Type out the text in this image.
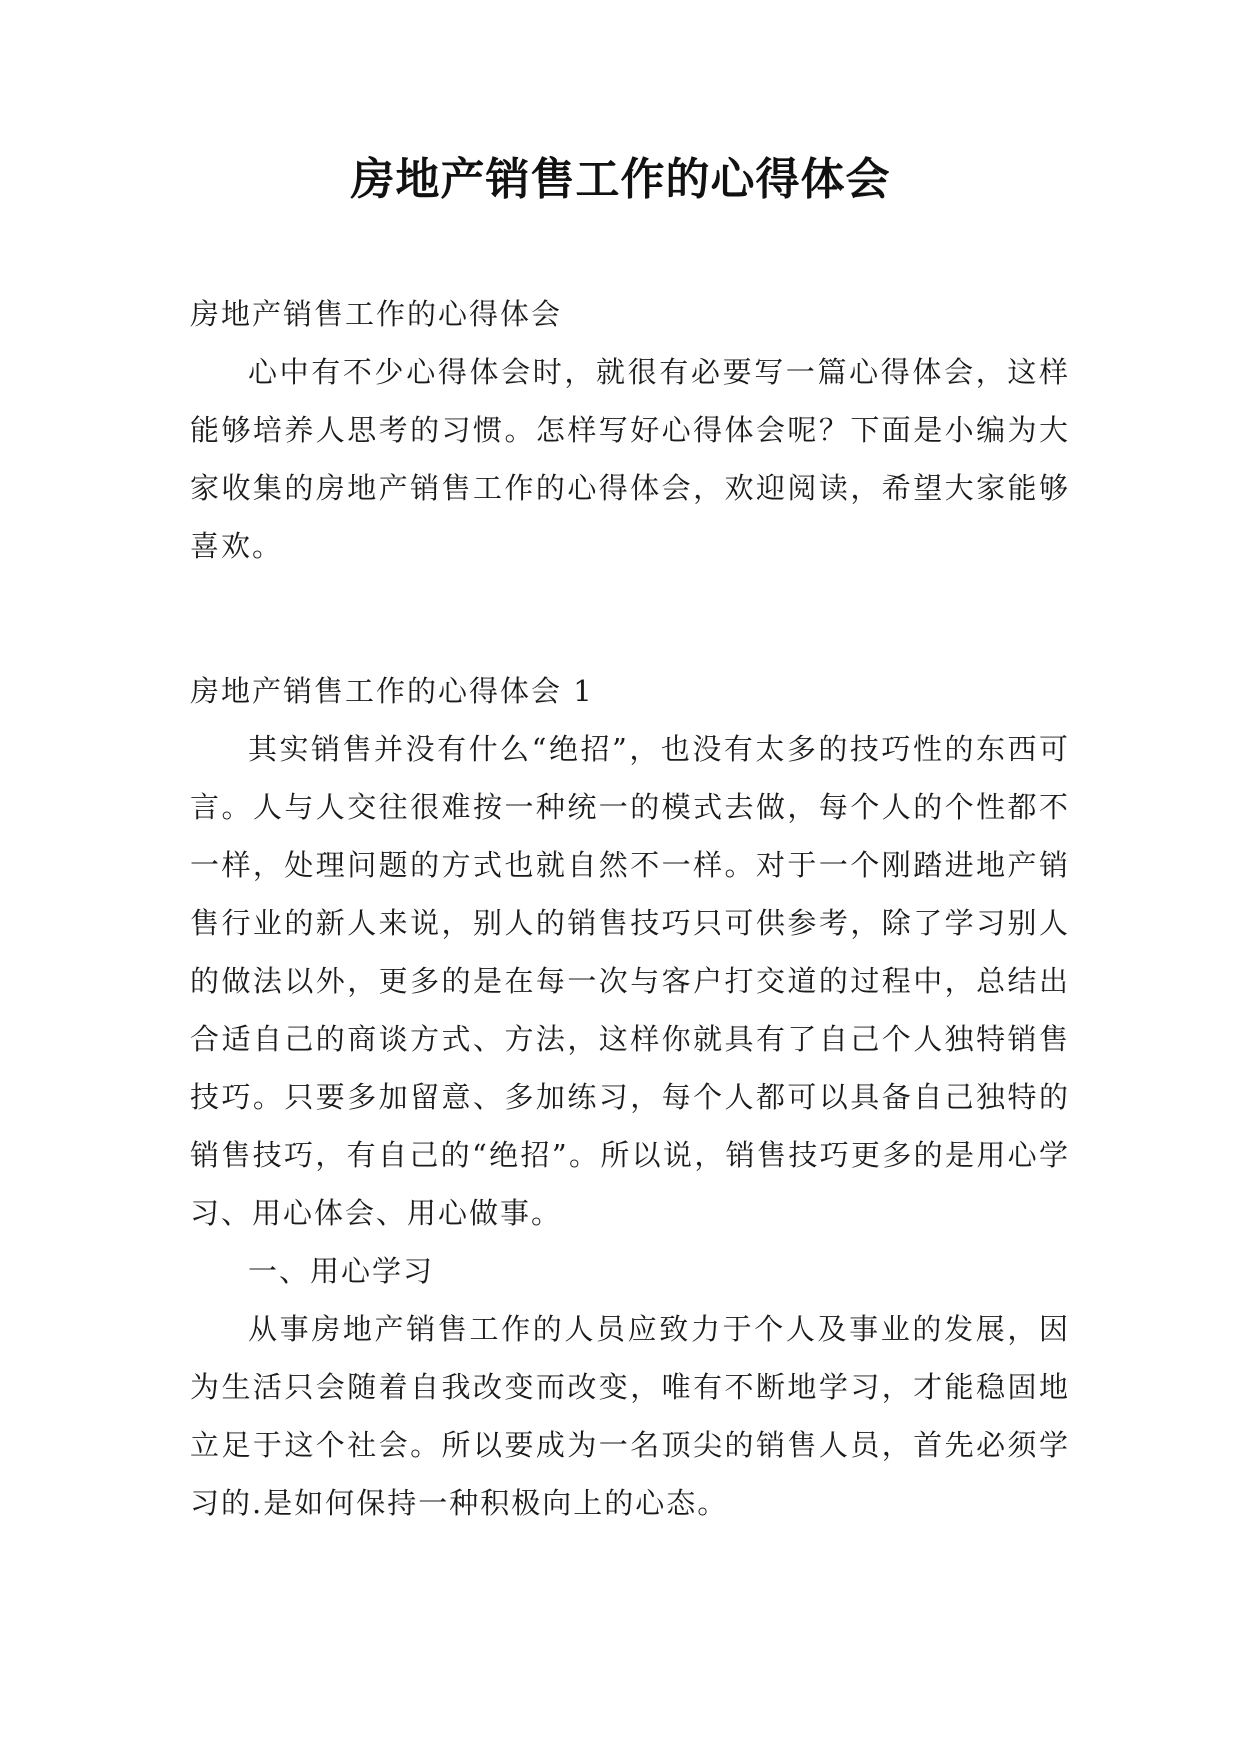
房地产销售工作的心得体会

房地产销售工作的心得体会

心中有不少心得体会时，就很有必要写一篇心得体会，这样能够培养人思考的习惯。怎样写好心得体会呢？下面是小编为大家收集的房地产销售工作的心得体会，欢迎阅读，希望大家能够喜欢。

房地产销售工作的心得体会 1

其实销售并没有什么“绝招”，也没有太多的技巧性的东西可言。人与人交往很难按一种统一的模式去做，每个人的个性都不一样，处理问题的方式也就自然不一样。对于一个刚踏进地产销售行业的新人来说，别人的销售技巧只可供参考，除了学习别人的做法以外，更多的是在每一次与客户打交道的过程中，总结出合适自己的商谈方式、方法，这样你就具有了自己个人独特销售技巧。只要多加留意、多加练习，每个人都可以具备自己独特的销售技巧，有自己的“绝招”。所以说，销售技巧更多的是用心学习、用心体会、用心做事。

一、用心学习

从事房地产销售工作的人员应致力于个人及事业的发展，因为生活只会随着自我改变而改变，唯有不断地学习，才能稳固地立足于这个社会。所以要成为一名顶尖的销售人员，首先必须学习的.是如何保持一种积极向上的心态。
